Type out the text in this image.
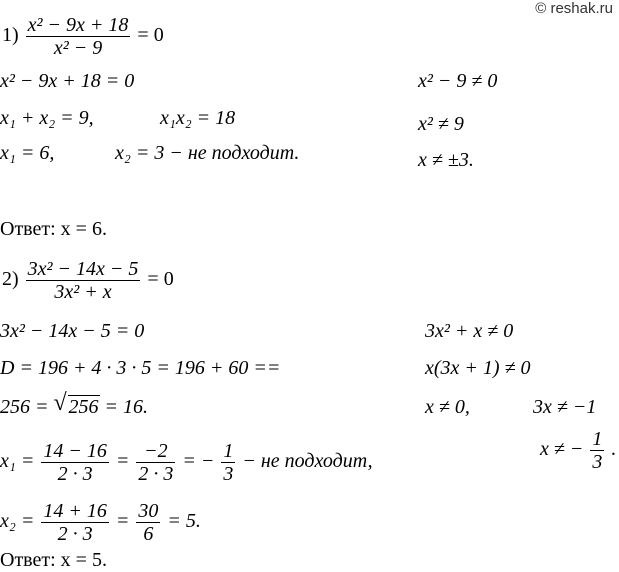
© reshak.ru
$1) \frac{\text{x² − 9x + 18}}{\text{x² − 9}} = 0$
x² − 9x + 18 = 0
x₁ + x₂ = 9,	x₁x₂ = 18
x₁ = 6,	x₂ = 3 − не подходит.
x² − 9 ≠ 0
x² ≠ 9
x ≠ ±3.
Ответ: x = 6.
$2) \frac{\text{3x² − 14x − 5}}{\text{3x² + x}} = 0$
3x² − 14x − 5 = 0
D = 196 + 4 · 3 · 5 = 196 + 60 ==
256 = √ 256 = 16.
$x_1 = \frac{14 - 16}{2 \cdot 3} = \frac{-2}{2 \cdot 3}$ = − $\frac{1}{3}$ − не подходит,
$x_2 = \frac{14 + 16}{2 \cdot 3} = \frac{30}{6} = 5$.
3x² + x ≠ 0
x(3x + 1) ≠ 0
x ≠ 0,	3x ≠ −1
x ≠ − $\frac{1}{3}$ .
Ответ: x = 5.
